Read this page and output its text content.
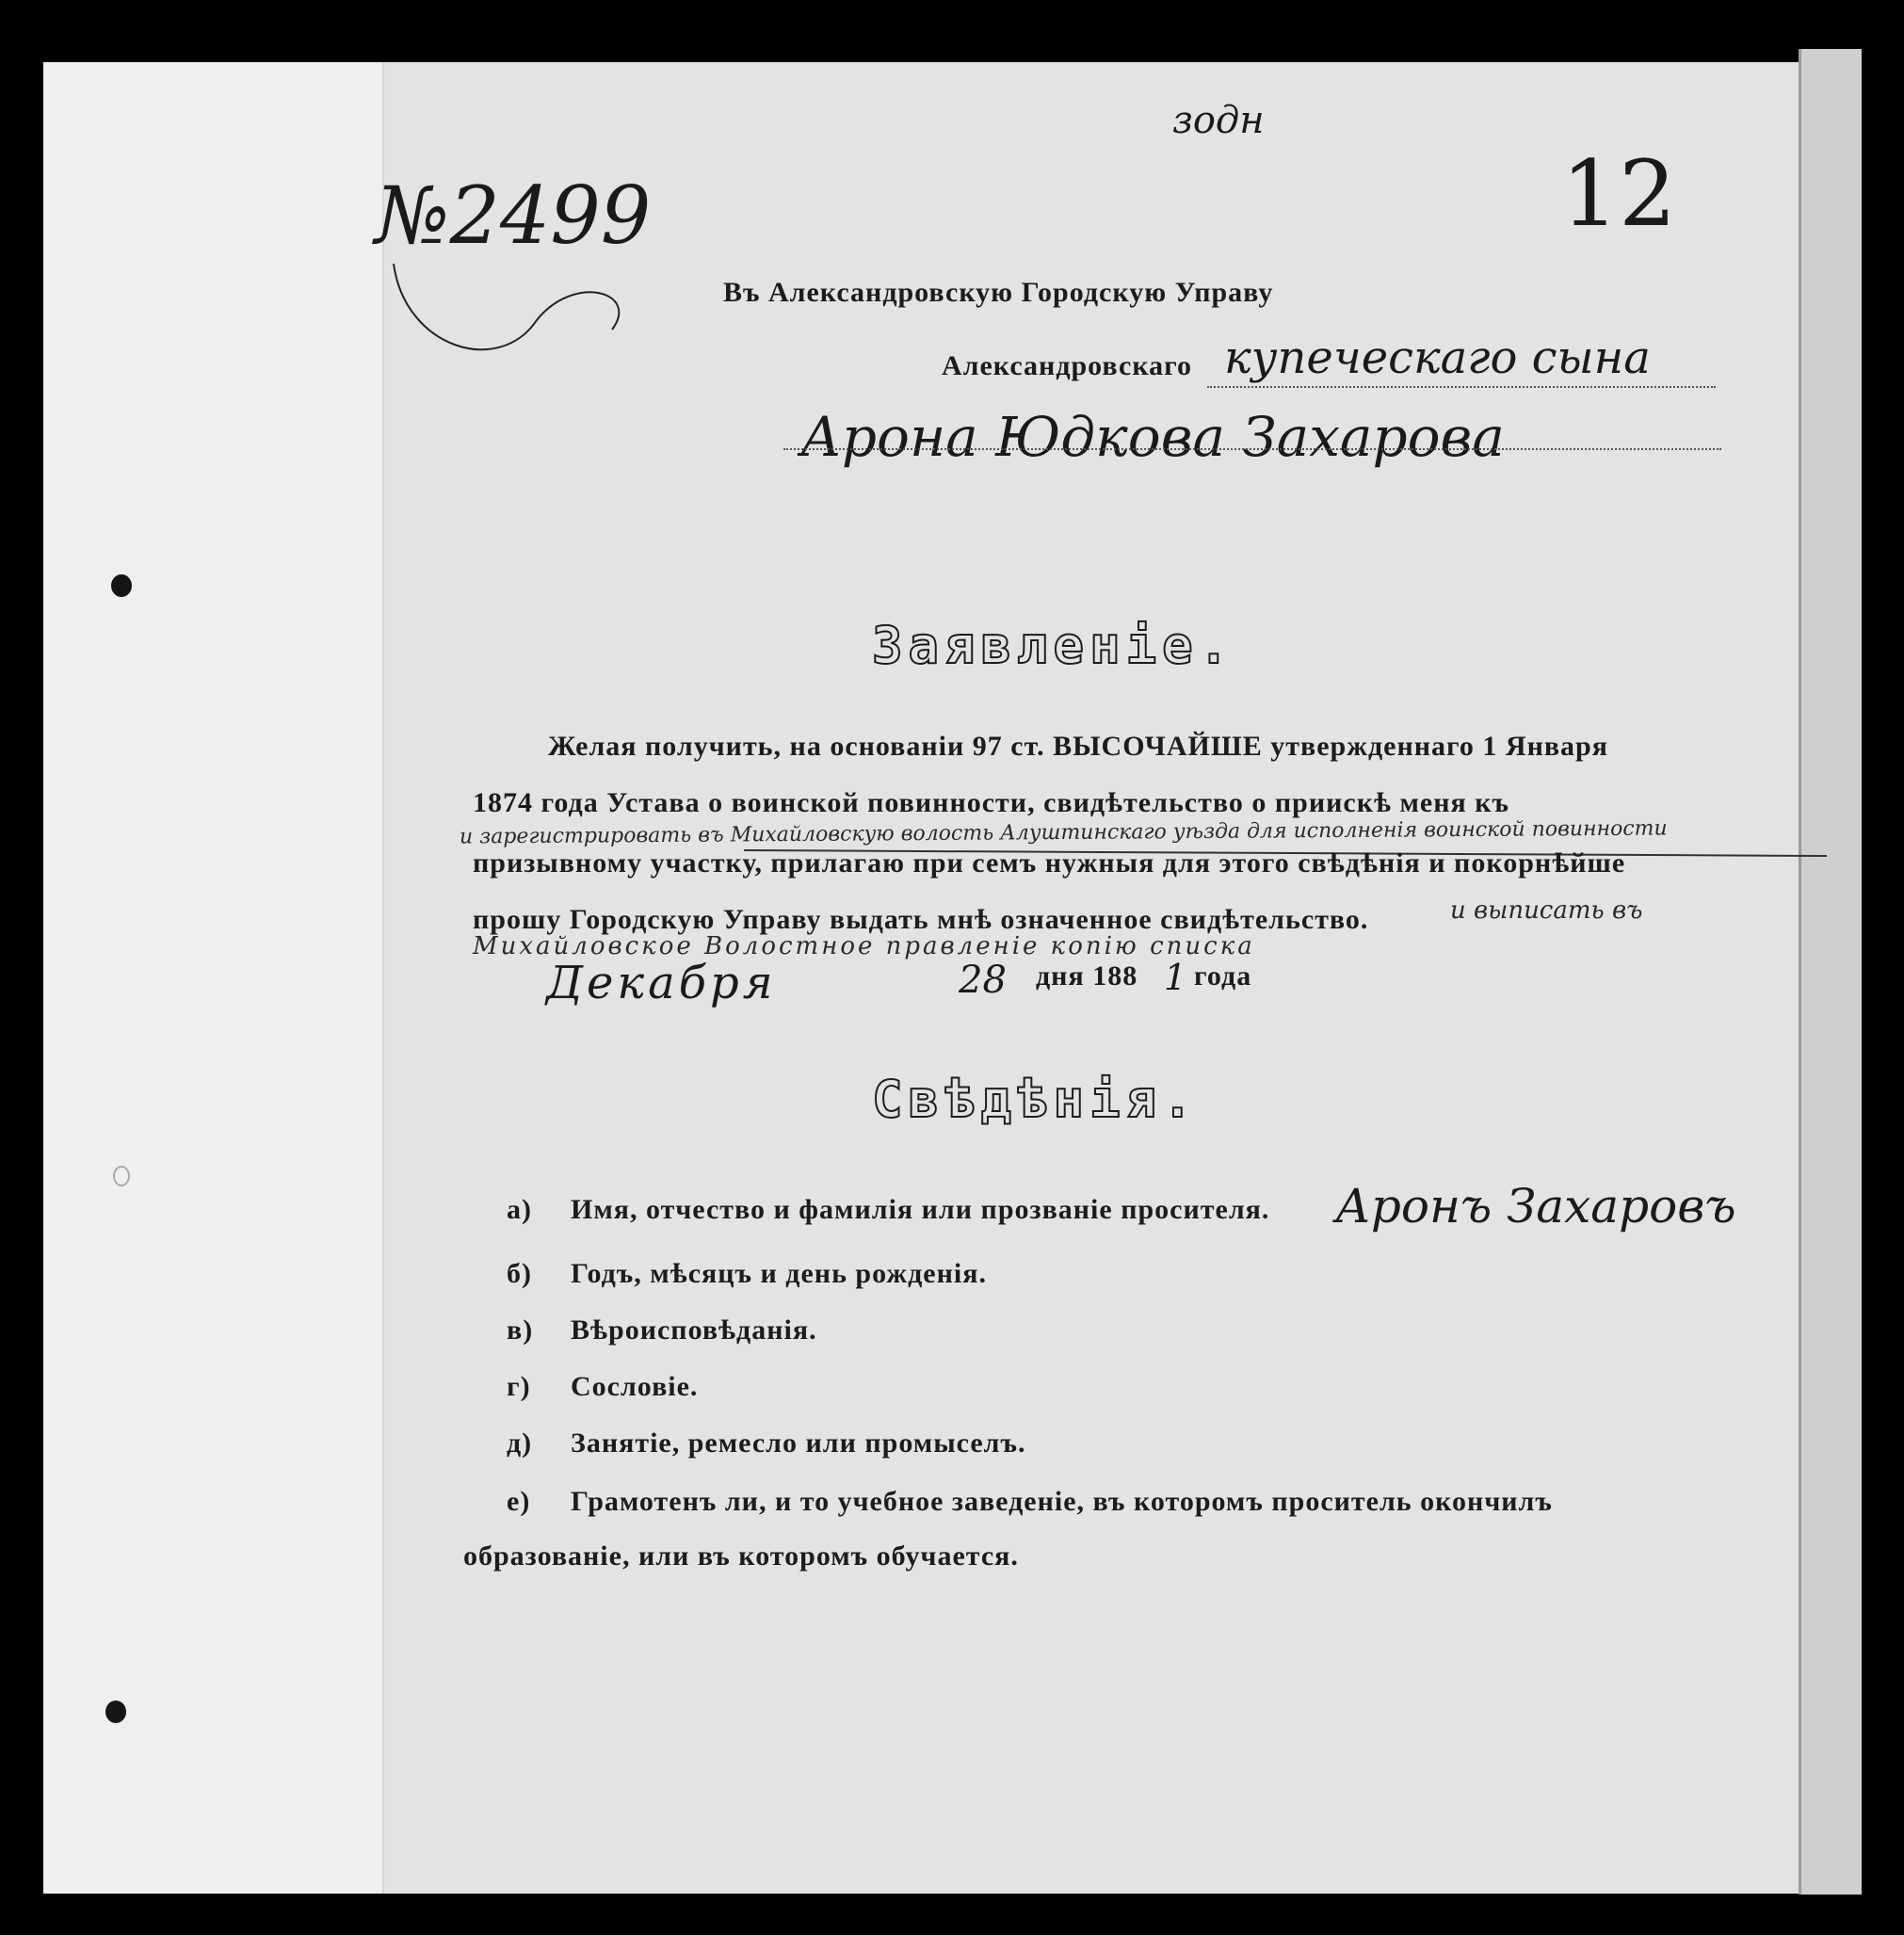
зодн
№2499	12
Въ Александровскую Городскую Управу
Александровскаго купеческаго сына
Арона Юдкова Захарова
Заявленiе.
Желая получить, на основанiи 97 ст. ВЫСОЧАЙШЕ утвержденнаго 1 Января
1874 года Устава о воинской повинности, свидѣтельство о приискѣ меня къ
и зарегистрировать въ Михайловскую волость Алуштинскаго уѣзда для исполненiя воинской повинности
призывному участку, прилагаю при семъ нужныя для этого свѣдѣнiя и покорнѣйше
прошу Городскую Управу выдать мнѣ означенное свидѣтельство.	и выписать въ
Михайловское Волостное правленiе копiю списка
Декабря	28 дня 188 1 года
Свѣдѣнiя.
а) Имя, отчество и фамилiя или прозванiе просителя. Аронъ Захаровъ
б) Годъ, мѣсяцъ и день рожденiя.
в) Вѣроисповѣданiя.
г) Сословiе.
д) Занятiе, ремесло или промыселъ.
е) Грамотенъ ли, и то учебное заведенiе, въ которомъ проситель окончилъ
образованiе, или въ которомъ обучается.
